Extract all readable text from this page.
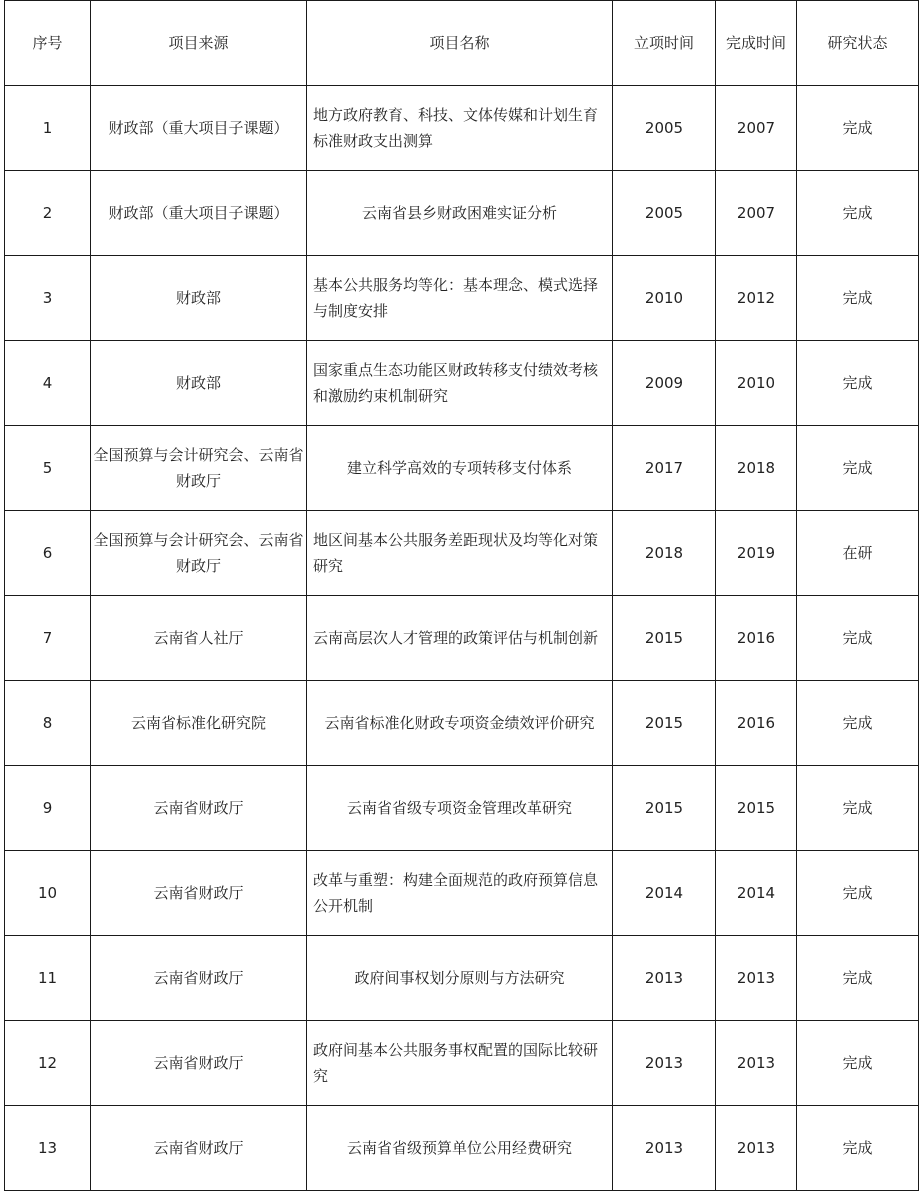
序号	项目来源	项目名称	立项时间	完成时间	研究状态
1	财政部（重大项目子课题）	地方政府教育、科技、文体传媒和计划生育标准财政支出测算	2005	2007	完成
2	财政部（重大项目子课题）	云南省县乡财政困难实证分析	2005	2007	完成
3	财政部	基本公共服务均等化：基本理念、模式选择与制度安排	2010	2012	完成
4	财政部	国家重点生态功能区财政转移支付绩效考核和激励约束机制研究	2009	2010	完成
5	全国预算与会计研究会、云南省财政厅	建立科学高效的专项转移支付体系	2017	2018	完成
6	全国预算与会计研究会、云南省财政厅	地区间基本公共服务差距现状及均等化对策研究	2018	2019	在研
7	云南省人社厅	云南高层次人才管理的政策评估与机制创新	2015	2016	完成
8	云南省标准化研究院	云南省标准化财政专项资金绩效评价研究	2015	2016	完成
9	云南省财政厅	云南省省级专项资金管理改革研究	2015	2015	完成
10	云南省财政厅	改革与重塑：构建全面规范的政府预算信息公开机制	2014	2014	完成
11	云南省财政厅	政府间事权划分原则与方法研究	2013	2013	完成
12	云南省财政厅	政府间基本公共服务事权配置的国际比较研究	2013	2013	完成
13	云南省财政厅	云南省省级预算单位公用经费研究	2013	2013	完成
